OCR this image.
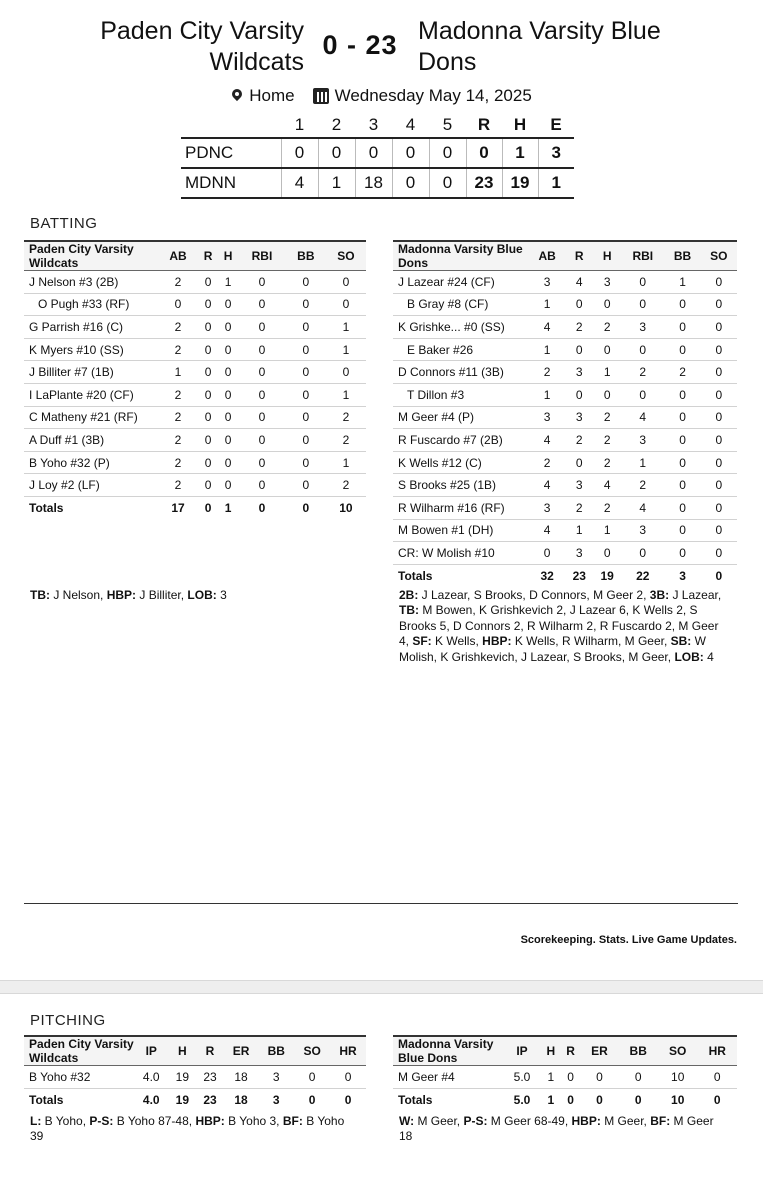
Paden City Varsity
Wildcats
0 - 23 Madonna Varsity Blue
Dons
Home Wednesday May 14, 2025
	1	2	3	4	5	R	H	E
PDNC	0	0	0	0	0	0	1	3
MDNN	4	1	18	0	0	23	19	1
BATTING
Paden City Varsity Wildcats	AB	R	H	RBI	BB	SO
J Nelson #3 (2B)	2	0	1	0	0	0
O Pugh #33 (RF)	0	0	0	0	0	0
G Parrish #16 (C)	2	0	0	0	0	1
K Myers #10 (SS)	2	0	0	0	0	1
J Billiter #7 (1B)	1	0	0	0	0	0
I LaPlante #20 (CF)	2	0	0	0	0	1
C Matheny #21 (RF)	2	0	0	0	0	2
A Duff #1 (3B)	2	0	0	0	0	2
B Yoho #32 (P)	2	0	0	0	0	1
J Loy #2 (LF)	2	0	0	0	0	2
Totals	17	0	1	0	0	10
Madonna Varsity Blue Dons	AB	R	H	RBI	BB	SO
J Lazear #24 (CF)	3	4	3	0	1	0
B Gray #8 (CF)	1	0	0	0	0	0
K Grishke... #0 (SS)	4	2	2	3	0	0
E Baker #26	1	0	0	0	0	0
D Connors #11 (3B)	2	3	1	2	2	0
T Dillon #3	1	0	0	0	0	0
M Geer #4 (P)	3	3	2	4	0	0
R Fuscardo #7 (2B)	4	2	2	3	0	0
K Wells #12 (C)	2	0	2	1	0	0
S Brooks #25 (1B)	4	3	4	2	0	0
R Wilharm #16 (RF)	3	2	2	4	0	0
M Bowen #1 (DH)	4	1	1	3	0	0
CR: W Molish #10	0	3	0	0	0	0
Totals	32	23	19	22	3	0
TB: J Nelson, HBP: J Billiter, LOB: 3	2B: J Lazear, S Brooks, D Connors, M Geer 2, 3B: J Lazear, TB: M Bowen, K Grishkevich 2, J Lazear 6, K Wells 2, S Brooks 5, D Connors 2, R Wilharm 2, R Fuscardo 2, M Geer 4, SF: K Wells, HBP: K Wells, R Wilharm, M Geer, SB: W Molish, K Grishkevich, J Lazear, S Brooks, M Geer, LOB: 4
Scorekeeping. Stats. Live Game Updates.
PITCHING
Paden City Varsity Wildcats	IP	H	R	ER	BB	SO	HR
B Yoho #32	4.0	19	23	18	3	0	0
Totals	4.0	19	23	18	3	0	0
Madonna Varsity Blue Dons	IP	H	R	ER	BB	SO	HR
M Geer #4	5.0	1	0	0	0	10	0
Totals	5.0	1	0	0	0	10	0
L: B Yoho, P-S: B Yoho 87-48, HBP: B Yoho 3, BF: B Yoho 39
W: M Geer, P-S: M Geer 68-49, HBP: M Geer, BF: M Geer 18
